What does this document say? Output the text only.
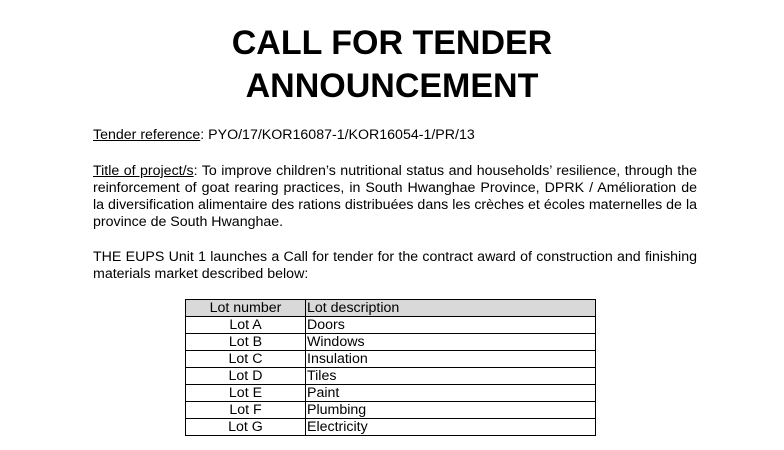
CALL FOR TENDER
ANNOUNCEMENT

Tender reference: PYO/17/KOR16087-1/KOR16054-1/PR/13

Title of project/s: To improve children’s nutritional status and households’ resilience, through the reinforcement of goat rearing practices, in South Hwanghae Province, DPRK / Amélioration de la diversification alimentaire des rations distribuées dans les crèches et écoles maternelles de la province de South Hwanghae.

THE EUPS Unit 1 launches a Call for tender for the contract award of construction and finishing materials market described below:

Lot number	Lot description
Lot A	Doors
Lot B	Windows
Lot C	Insulation
Lot D	Tiles
Lot E	Paint
Lot F	Plumbing
Lot G	Electricity
